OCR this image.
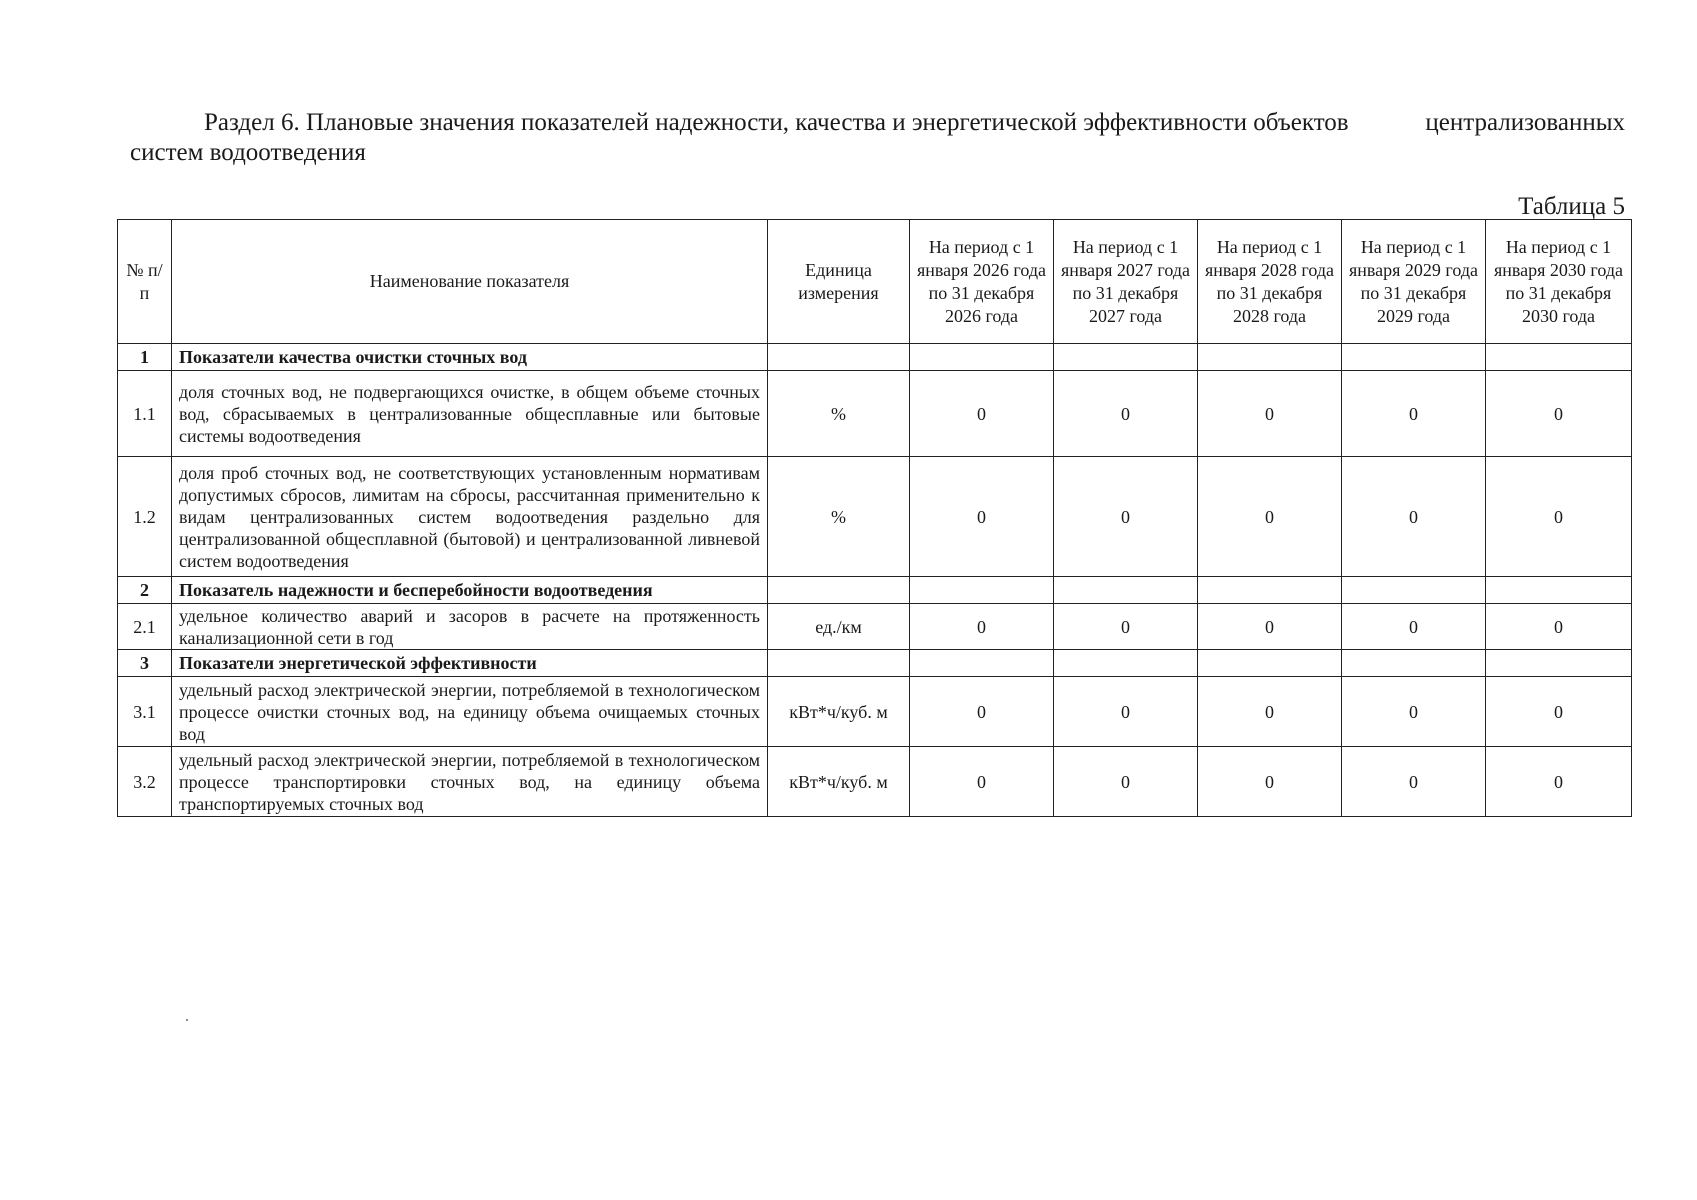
Раздел 6. Плановые значения показателей надежности, качества и энергетической эффективности объектов	централизованных систем водоотведения
Таблица 5
№ п/п	Наименование показателя	Единица измерения	На период с 1 января 2026 года по 31 декабря 2026 года	На период с 1 января 2027 года по 31 декабря 2027 года	На период с 1 января 2028 года по 31 декабря 2028 года	На период с 1 января 2029 года по 31 декабря 2029 года	На период с 1 января 2030 года по 31 декабря 2030 года
1	Показатели качества очистки сточных вод						
1.1	доля сточных вод, не подвергающихся очистке, в общем объеме сточных вод, сбрасываемых в централизованные общесплавные или бытовые системы водоотведения	%	0	0	0	0	0
1.2	доля проб сточных вод, не соответствующих установленным нормативам допустимых сбросов, лимитам на сбросы, рассчитанная применительно к видам централизованных систем водоотведения раздельно для централизованной общесплавной (бытовой) и централизованной ливневой систем водоотведения	%	0	0	0	0	0
2	Показатель надежности и бесперебойности водоотведения						
2.1	удельное количество аварий и засоров в расчете на протяженность канализационной сети в год	ед./км	0	0	0	0	0
3	Показатели энергетической эффективности						
3.1	удельный расход электрической энергии, потребляемой в технологическом процессе очистки сточных вод, на единицу объема очищаемых сточных вод	кВт*ч/куб. м	0	0	0	0	0
3.2	удельный расход электрической энергии, потребляемой в технологическом процессе транспортировки сточных вод, на единицу объема транспортируемых сточных вод	кВт*ч/куб. м	0	0	0	0	0
